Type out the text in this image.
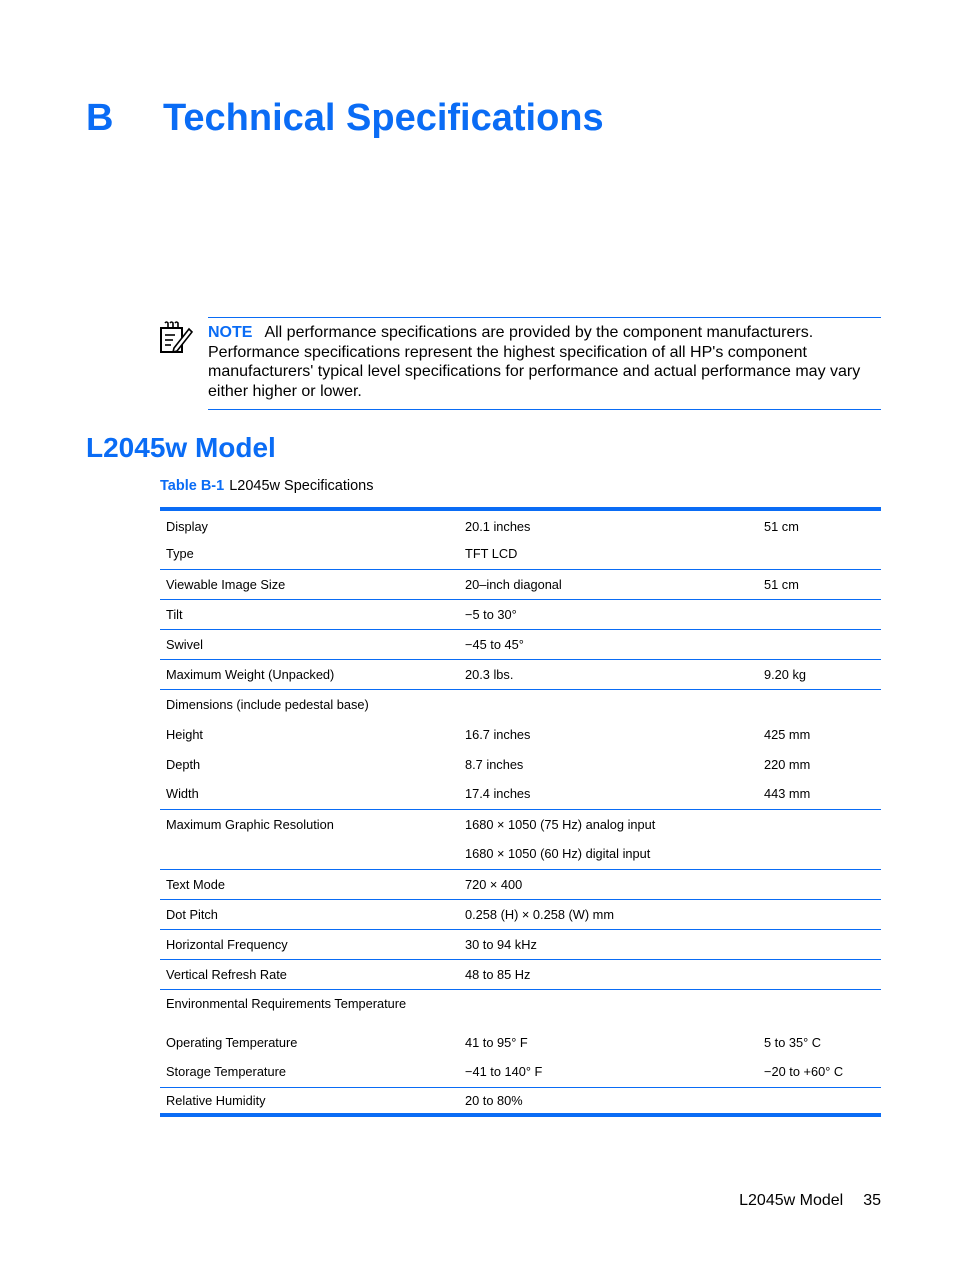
B Technical Specifications
NOTE All performance specifications are provided by the component manufacturers. Performance specifications represent the highest specification of all HP's component manufacturers' typical level specifications for performance and actual performance may vary either higher or lower.
L2045w Model
Table B-1 L2045w Specifications
Display	20.1 inches	51 cm
Type	TFT LCD	
Viewable Image Size	20–inch diagonal	51 cm
Tilt	−5 to 30°	
Swivel	−45 to 45°	
Maximum Weight (Unpacked)	20.3 lbs.	9.20 kg
Dimensions (include pedestal base)		
Height	16.7 inches	425 mm
Depth	8.7 inches	220 mm
Width	17.4 inches	443 mm
Maximum Graphic Resolution	1680 × 1050 (75 Hz) analog input	
	1680 × 1050 (60 Hz) digital input	
Text Mode	720 × 400	
Dot Pitch	0.258 (H) × 0.258 (W) mm	
Horizontal Frequency	30 to 94 kHz	
Vertical Refresh Rate	48 to 85 Hz	
Environmental Requirements Temperature		
Operating Temperature	41 to 95° F	5 to 35° C
Storage Temperature	−41 to 140° F	−20 to +60° C
Relative Humidity	20 to 80%	
L2045w Model 35
